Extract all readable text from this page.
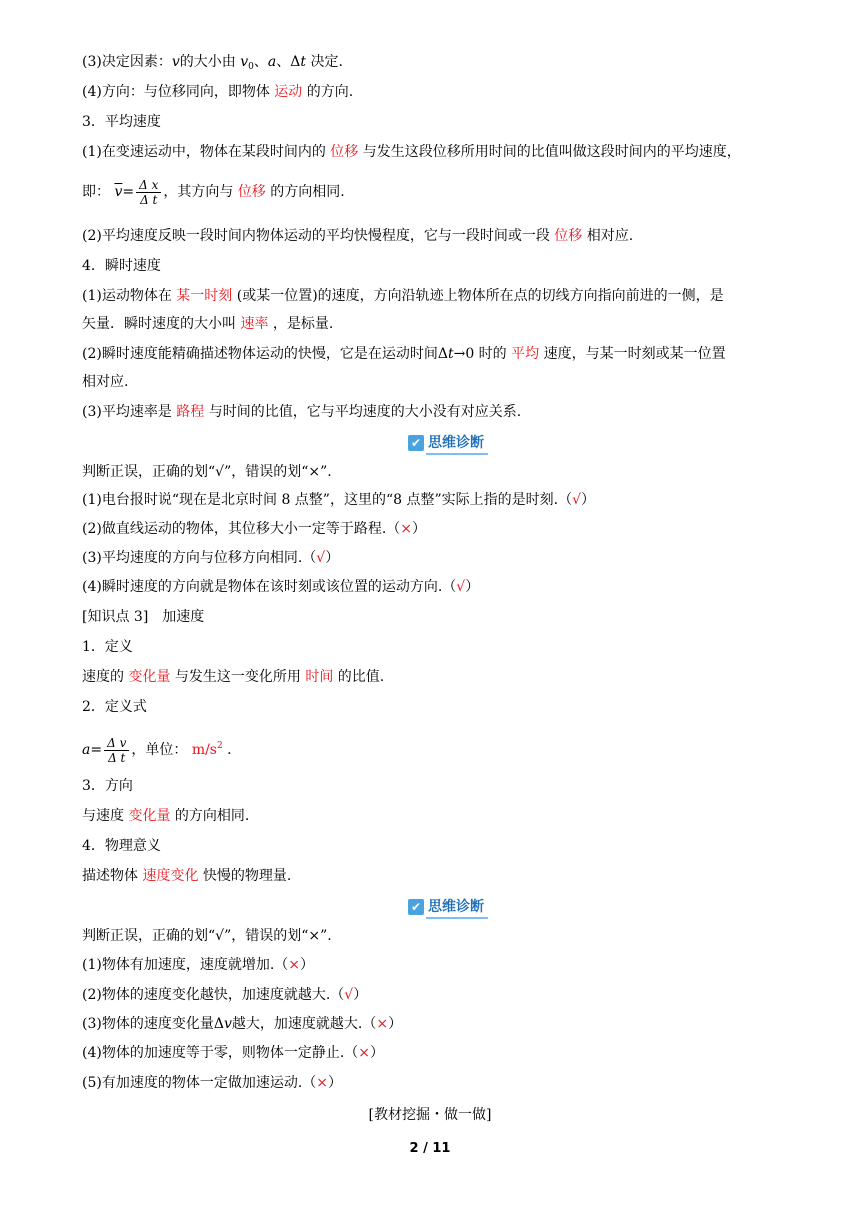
(3)决定因素：v的大小由 $v_0$、a、Δt 决定.
(4)方向：与位移同向，即物体 运动 的方向.
3．平均速度
(1)在变速运动中，物体在某段时间内的 位移 与发生这段位移所用时间的比值叫做这段时间内的平均速度，
即： $\overline{v}= \frac{\text{Δ x}}{\text{Δ t}}$ ，其方向与 位移 的方向相同.
(2)平均速度反映一段时间内物体运动的平均快慢程度，它与一段时间或一段 位移 相对应.
4．瞬时速度
(1)运动物体在 某一时刻 (或某一位置)的速度，方向沿轨迹上物体所在点的切线方向指向前进的一侧，是
矢量．瞬时速度的大小叫 速率 ，是标量.
(2)瞬时速度能精确描述物体运动的快慢，它是在运动时间Δt→0 时的 平均 速度，与某一时刻或某一位置
相对应.
(3)平均速率是 路程 与时间的比值，它与平均速度的大小没有对应关系.
✔ 思维诊断
判断正误，正确的划“√”，错误的划“×”.
(1)电台报时说“现在是北京时间 8 点整”，这里的“8 点整”实际上指的是时刻.（√）
(2)做直线运动的物体，其位移大小一定等于路程.（×）
(3)平均速度的方向与位移方向相同.（√）
(4)瞬时速度的方向就是物体在该时刻或该位置的运动方向.（√）
[知识点 3]　加速度
1．定义
速度的 变化量 与发生这一变化所用 时间 的比值.
2．定义式
$a= \frac{\text{Δ v}}{\text{Δ t}}$ ，单位： $m/s^2$ .
3．方向
与速度 变化量 的方向相同.
4．物理意义
描述物体 速度变化 快慢的物理量.
✔ 思维诊断
判断正误，正确的划“√”，错误的划“×”.
(1)物体有加速度，速度就增加.（×）
(2)物体的速度变化越快，加速度就越大.（√）
(3)物体的速度变化量Δv越大，加速度就越大.（×）
(4)物体的加速度等于零，则物体一定静止.（×）
(5)有加速度的物体一定做加速运动.（×）
[教材挖掘・做一做]
2 / 11
